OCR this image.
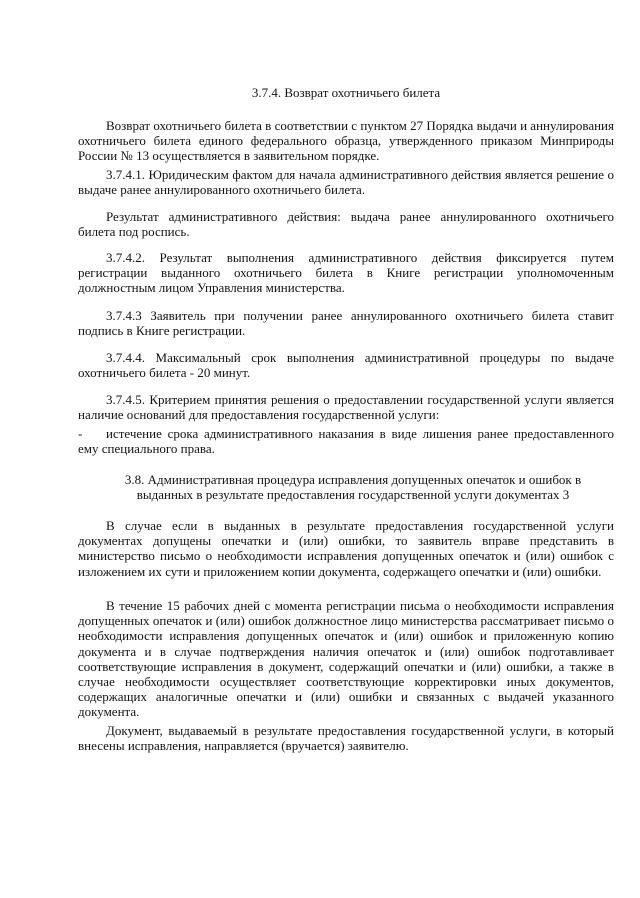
3.7.4. Возврат охотничьего билета

Возврат охотничьего билета в соответствии с пунктом 27 Порядка выдачи и аннулирования охотничьего билета единого федерального образца, утвержденного приказом Минприроды России № 13 осуществляется в заявительном порядке.

3.7.4.1. Юридическим фактом для начала административного действия является решение о выдаче ранее аннулированного охотничьего билета.

Результат административного действия: выдача ранее аннулированного охотничьего билета под роспись.

3.7.4.2. Результат выполнения административного действия фиксируется путем регистрации выданного охотничьего билета в Книге регистрации уполномоченным должностным лицом Управления министерства.

3.7.4.3 Заявитель при получении ранее аннулированного охотничьего билета ставит подпись в Книге регистрации.

3.7.4.4. Максимальный срок выполнения административной процедуры по выдаче охотничьего билета - 20 минут.

3.7.4.5. Критерием принятия решения о предоставлении государственной услуги является наличие оснований для предоставления государственной услуги:

- истечение срока административного наказания в виде лишения ранее предоставленного ему специального права.

3.8. Административная процедура исправления допущенных опечаток и ошибок в выданных в результате предоставления государственной услуги документах 3

В случае если в выданных в результате предоставления государственной услуги документах допущены опечатки и (или) ошибки, то заявитель вправе представить в министерство письмо о необходимости исправления допущенных опечаток и (или) ошибок с изложением их сути и приложением копии документа, содержащего опечатки и (или) ошибки.

В течение 15 рабочих дней с момента регистрации письма о необходимости исправления допущенных опечаток и (или) ошибок должностное лицо министерства рассматривает письмо о необходимости исправления допущенных опечаток и (или) ошибок и приложенную копию документа и в случае подтверждения наличия опечаток и (или) ошибок подготавливает соответствующие исправления в документ, содержащий опечатки и (или) ошибки, а также в случае необходимости осуществляет соответствующие корректировки иных документов, содержащих аналогичные опечатки и (или) ошибки и связанных с выдачей указанного документа.

Документ, выдаваемый в результате предоставления государственной услуги, в который внесены исправления, направляется (вручается) заявителю.
